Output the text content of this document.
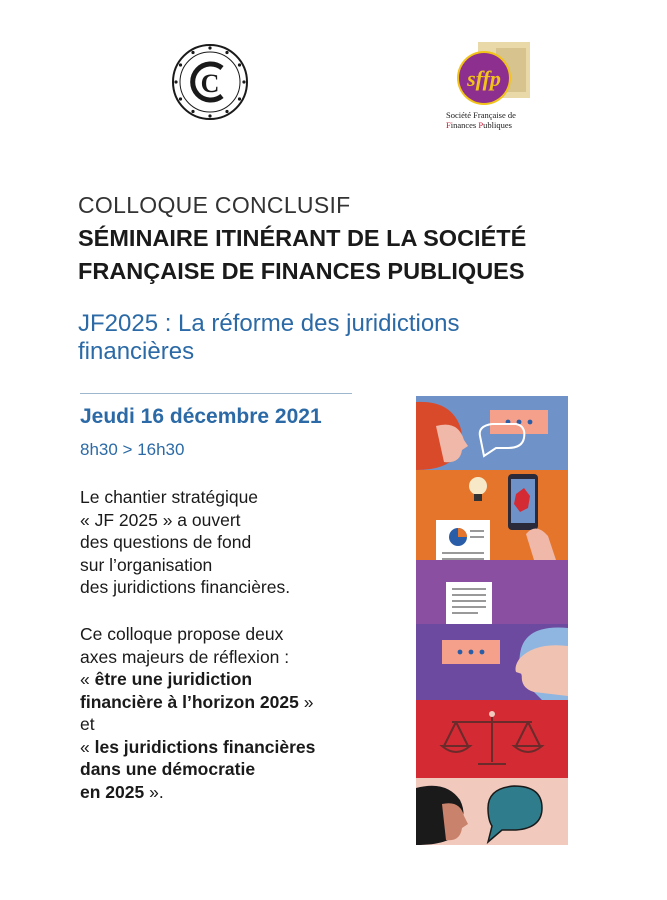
C	sffp
Société Française de
Finances Publiques
COLLOQUE CONCLUSIF
SÉMINAIRE ITINÉRANT DE LA SOCIÉTÉ
FRANÇAISE DE FINANCES PUBLIQUES
JF2025 : La réforme des juridictions
financières
Jeudi 16 décembre 2021
8h30 > 16h30
Le chantier stratégique
« JF 2025 » a ouvert
des questions de fond
sur l’organisation
des juridictions financières.
Ce colloque propose deux
axes majeurs de réflexion :
« être une juridiction
financière à l’horizon 2025 »
et
« les juridictions financières
dans une démocratie
en 2025 ».
